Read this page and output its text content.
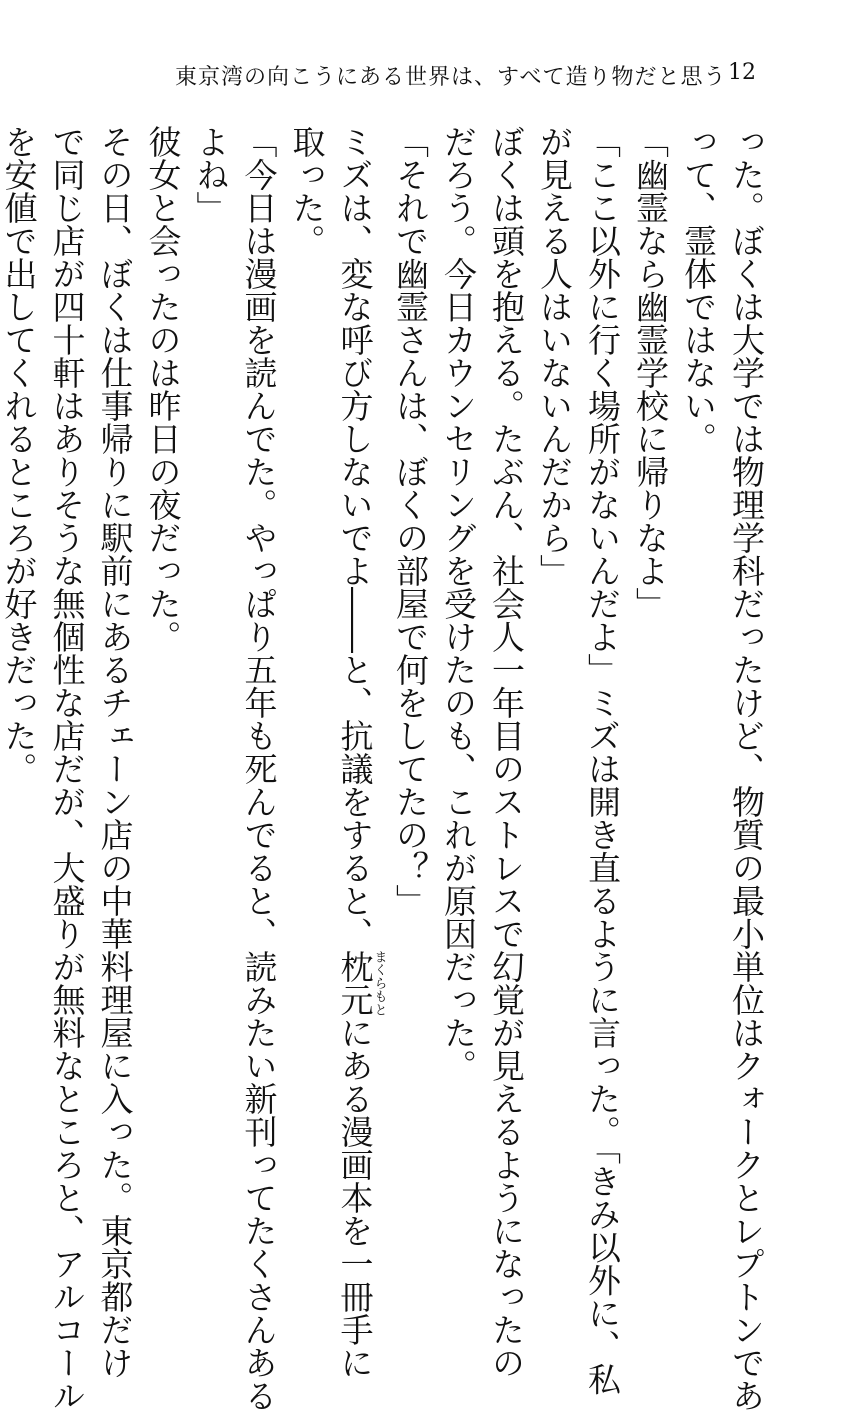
東京湾の向こうにある世界は、すべて造り物だと思う 12

った。ぼくは大学では物理学科だったけど、物質の最小単位はクォークとレプトンであ

って、霊体ではない。

「幽霊なら幽霊学校に帰りなよ」

「ここ以外に行く場所がないんだよ」ミズは開き直るように言った。「きみ以外に、私

が見える人はいないんだから」

ぼくは頭を抱える。たぶん、社会人一年目のストレスで幻覚が見えるようになったの

だろう。今日カウンセリングを受けたのも、これが原因だった。

「それで幽霊さんは、ぼくの部屋で何をしてたの？」

ミズは、変な呼び方しないでよ――と、抗議をすると、枕元まくらもとにある漫画本を一冊手に

取った。

「今日は漫画を読んでた。やっぱり五年も死んでると、読みたい新刊ってたくさんある

よね」

彼女と会ったのは昨日の夜だった。

その日、ぼくは仕事帰りに駅前にあるチェーン店の中華料理屋に入った。東京都だけ

で同じ店が四十軒はありそうな無個性な店だが、大盛りが無料なところと、アルコール

を安値で出してくれるところが好きだった。
